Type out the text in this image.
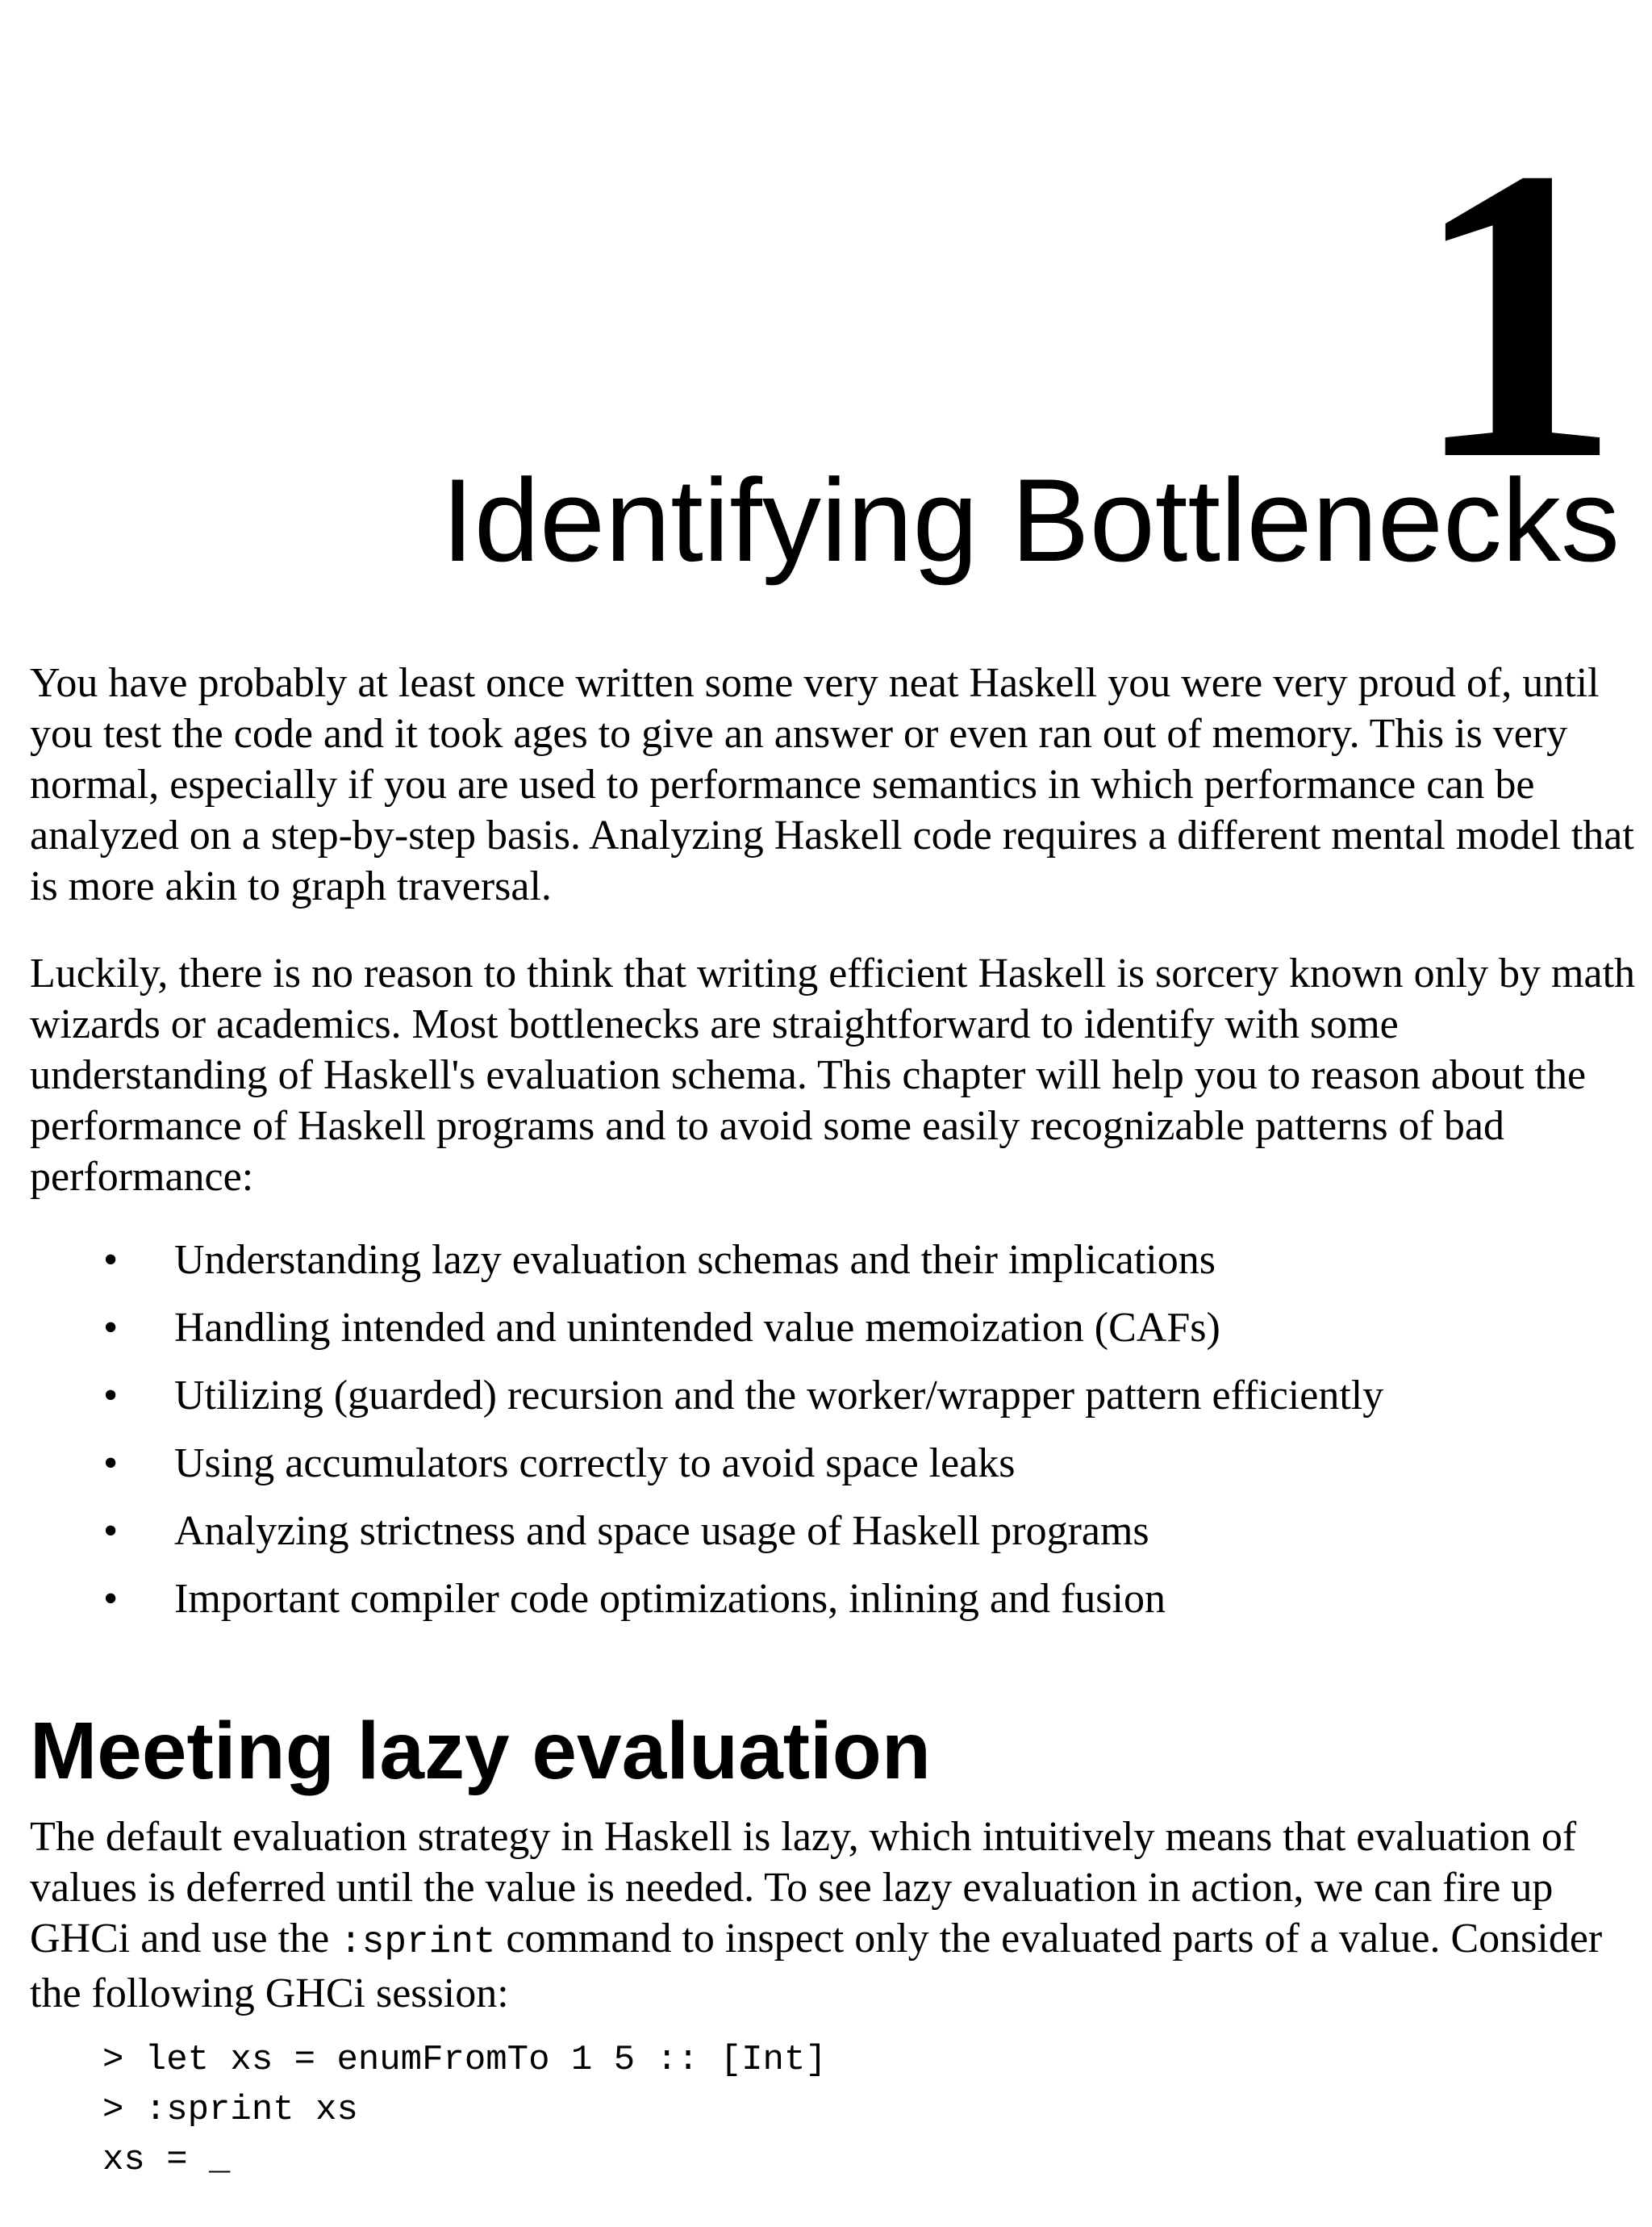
1
Identifying Bottlenecks

You have probably at least once written some very neat Haskell you were very proud of, until you test the code and it took ages to give an answer or even ran out of memory. This is very normal, especially if you are used to performance semantics in which performance can be analyzed on a step-by-step basis. Analyzing Haskell code requires a different mental model that is more akin to graph traversal.

Luckily, there is no reason to think that writing efficient Haskell is sorcery known only by math wizards or academics. Most bottlenecks are straightforward to identify with some understanding of Haskell's evaluation schema. This chapter will help you to reason about the performance of Haskell programs and to avoid some easily recognizable patterns of bad performance:

• Understanding lazy evaluation schemas and their implications
• Handling intended and unintended value memoization (CAFs)
• Utilizing (guarded) recursion and the worker/wrapper pattern efficiently
• Using accumulators correctly to avoid space leaks
• Analyzing strictness and space usage of Haskell programs
• Important compiler code optimizations, inlining and fusion
Meeting lazy evaluation

The default evaluation strategy in Haskell is lazy, which intuitively means that evaluation of values is deferred until the value is needed. To see lazy evaluation in action, we can fire up GHCi and use the :sprint command to inspect only the evaluated parts of a value. Consider the following GHCi session:

> let xs = enumFromTo 1 5 :: [Int]
> :sprint xs
xs = _
